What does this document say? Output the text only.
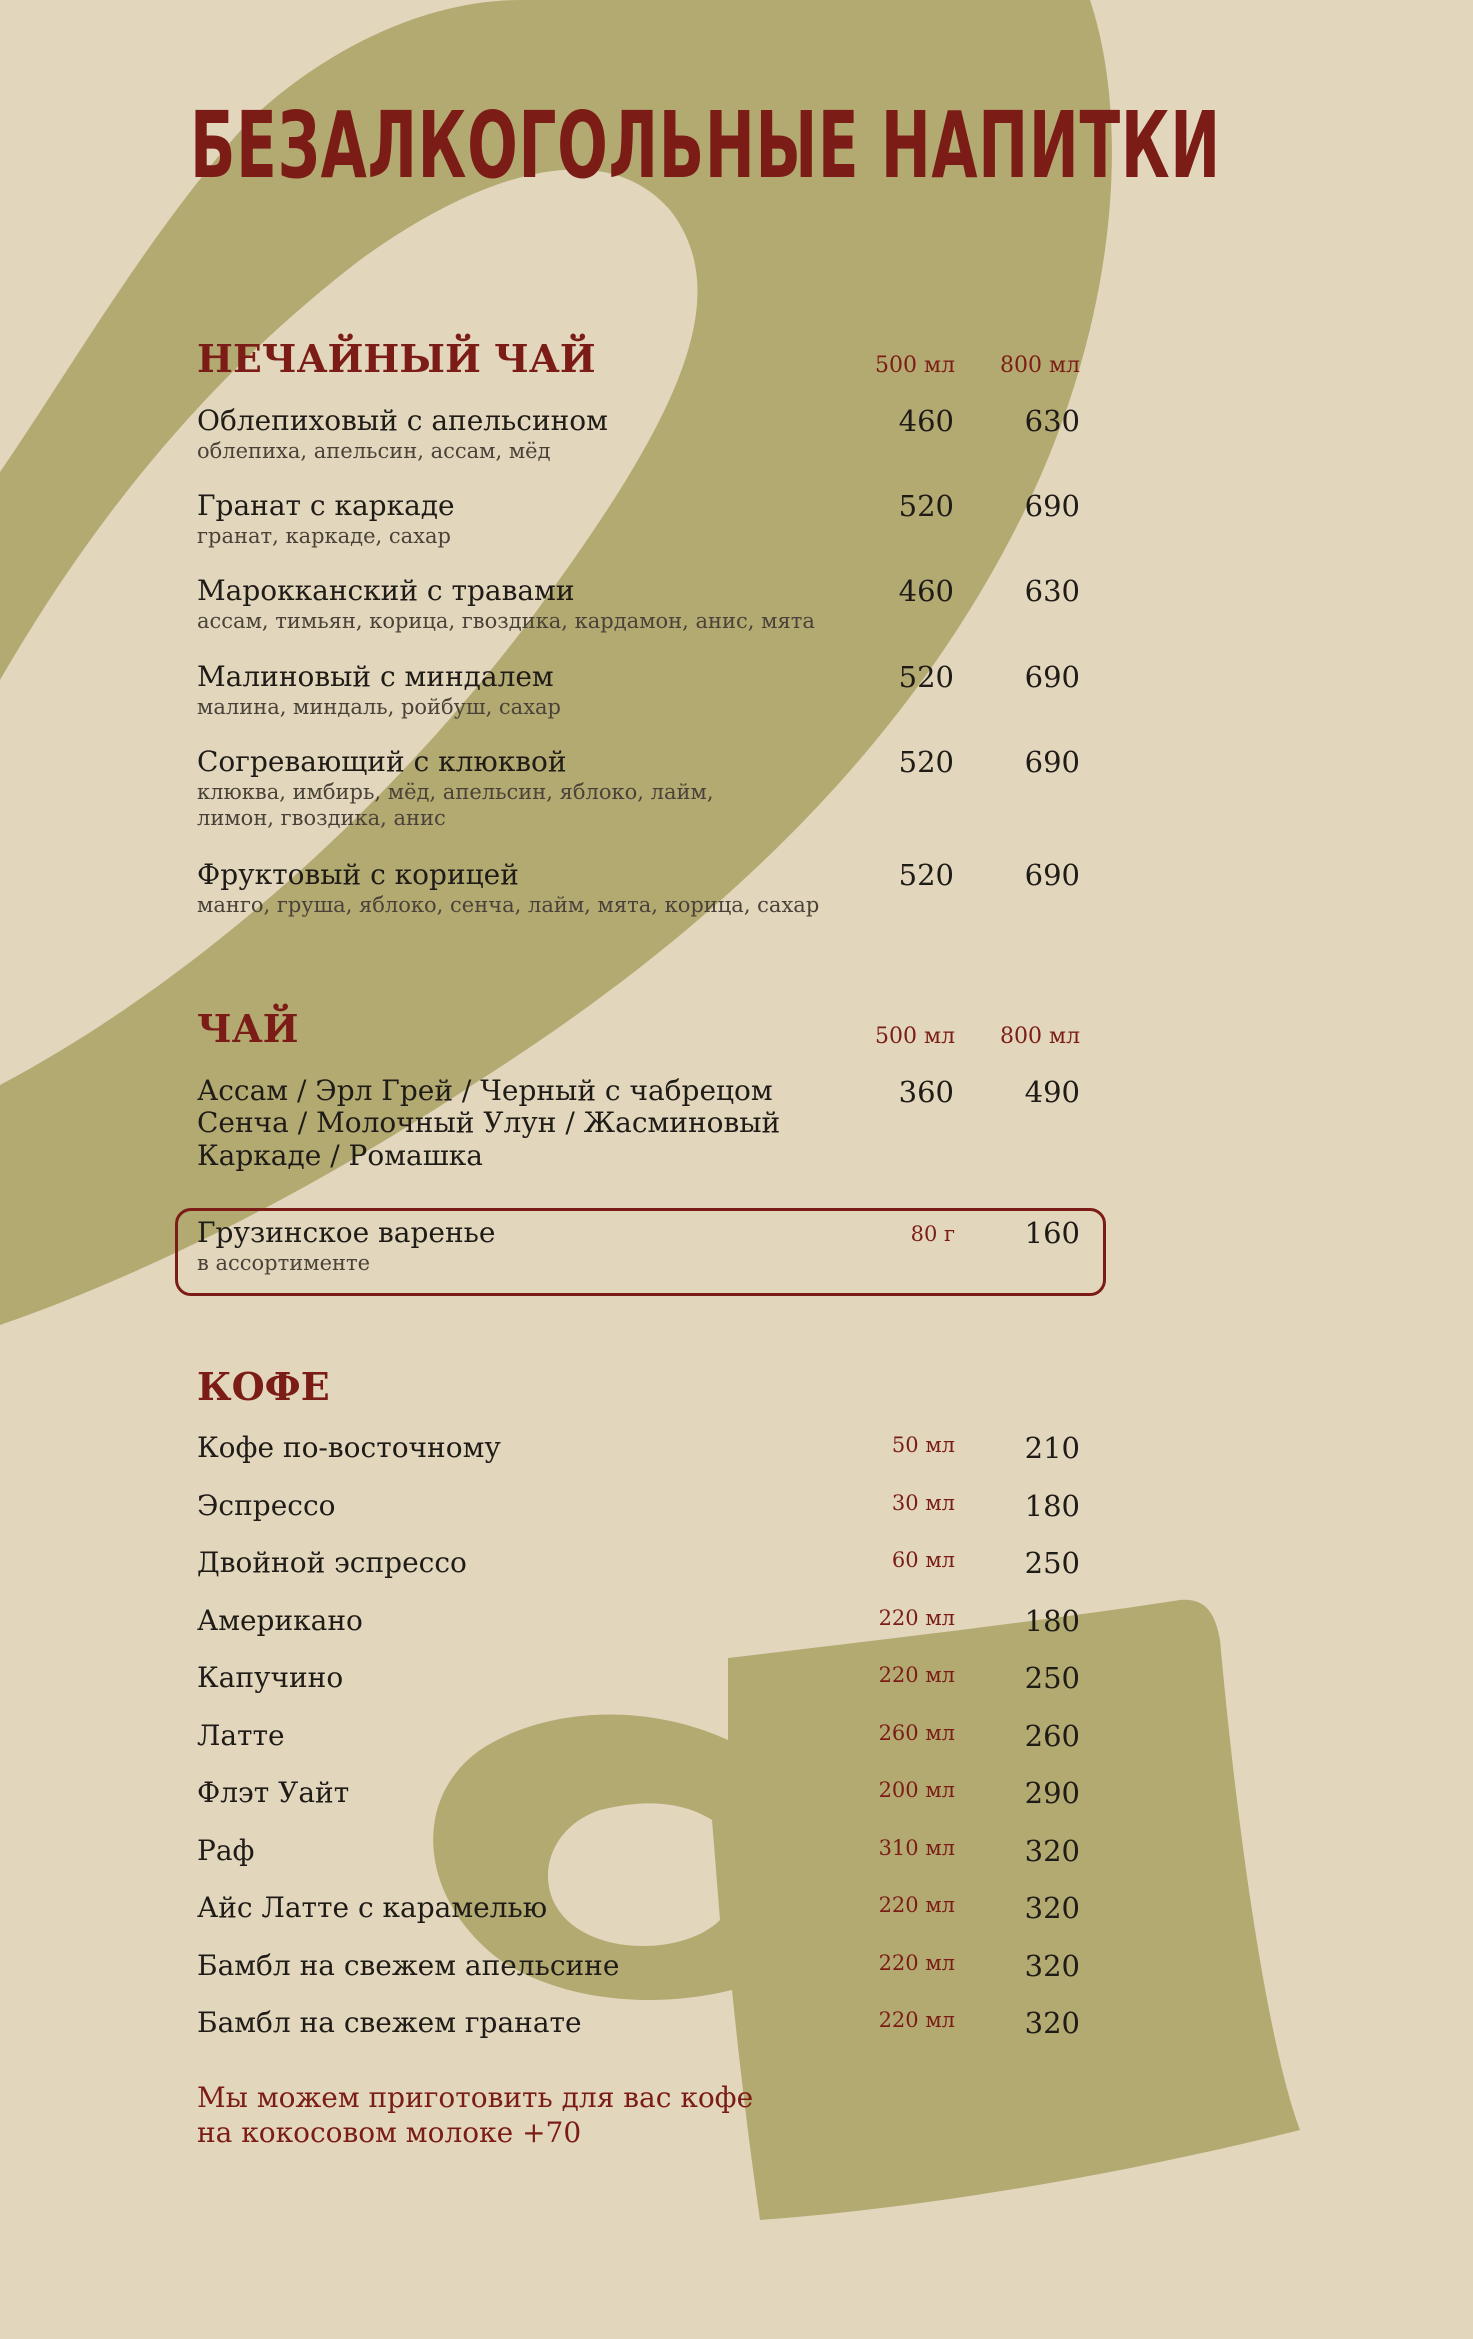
БЕЗАЛКОГОЛЬНЫЕ НАПИТКИ
НЕЧАЙНЫЙ ЧАЙ	500 мл 800 мл
Облепиховый с апельсином
облепиха, апельсин, ассам, мёд
460	630
Гранат с каркаде
гранат, каркаде, сахар
520	690
Марокканский с травами
ассам, тимьян, корица, гвоздика, кардамон, анис, мята
460	630
Малиновый с миндалем
малина, миндаль, ройбуш, сахар
520	690
Согревающий с клюквой
клюква, имбирь, мёд, апельсин, яблоко, лайм,
лимон, гвоздика, анис
520	690
Фруктовый с корицей
манго, груша, яблоко, сенча, лайм, мята, корица, сахар
520	690
ЧАЙ	500 мл 800 мл
Ассам / Эрл Грей / Черный с чабрецом
Сенча / Молочный Улун / Жасминовый
Каркаде / Ромашка
360	490
Грузинское варенье
в ассортименте
80 г	160
КОФЕ
Кофе по-восточному	50 мл	210
Эспрессо	30 мл	180
Двойной эспрессо	60 мл	250
Американо	220 мл	180
Капучино	220 мл	250
Латте	260 мл	260
Флэт Уайт	200 мл	290
Раф	310 мл	320
Айс Латте с карамелью	220 мл	320
Бамбл на свежем апельсине	220 мл	320
Бамбл на свежем гранате	220 мл	320
Мы можем приготовить для вас кофе
на кокосовом молоке +70
